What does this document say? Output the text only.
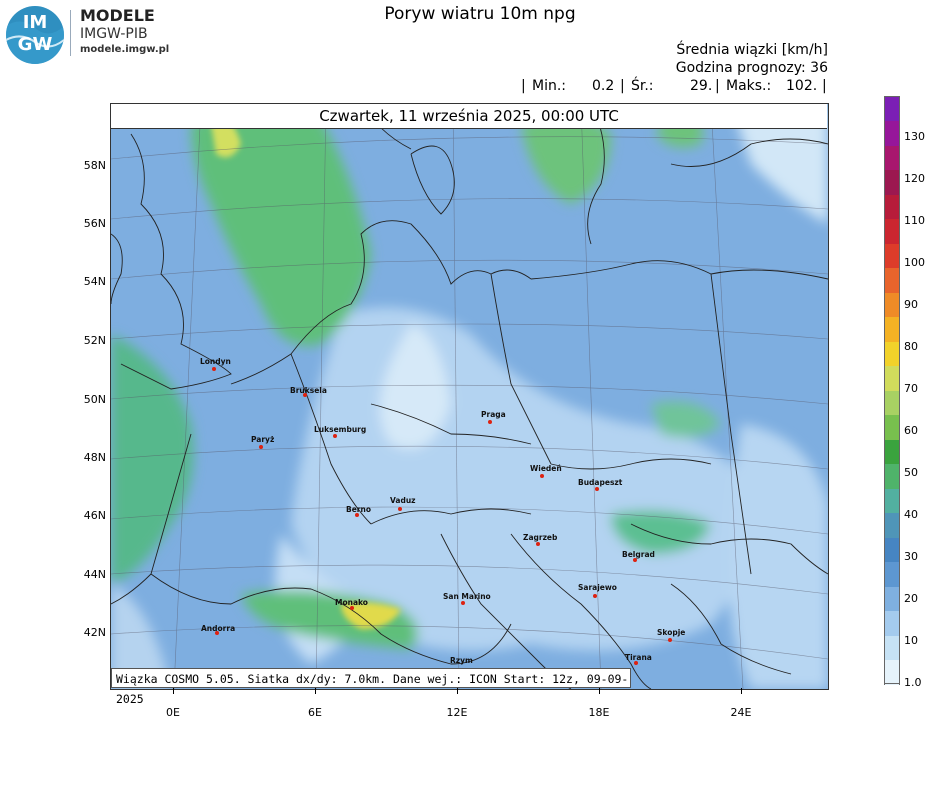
IM
GW
MODELE
IMGW-PIB
modele.imgw.pl
Poryw wiatru 10m npg
Średnia wiązki [km/h]
Godzina prognozy: 36
| Min.: 0.2 | Śr.:	29. | Maks.: 102. |
Londyn
Bruksela
Paryż
Luksemburg
Praga
Wiedeń
Budapeszt
Berno
Vaduz
Zagrzeb
Belgrad
Monako
San Marino
Sarajewo
Andorra	Skopje
Tirana
Rzym
Czwartek, 11 września 2025, 00:00 UTC
Wiązka COSMO 5.05. Siatka dx/dy: 7.0km. Dane wej.: ICON Start: 12z, 09-09-2025
58N
56N
54N
52N
50N
48N
46N
44N
42N
0E	6E	12E	18E	24E
130
120
110
100
90
80
70
60
50
40
30
20
10
1.0
